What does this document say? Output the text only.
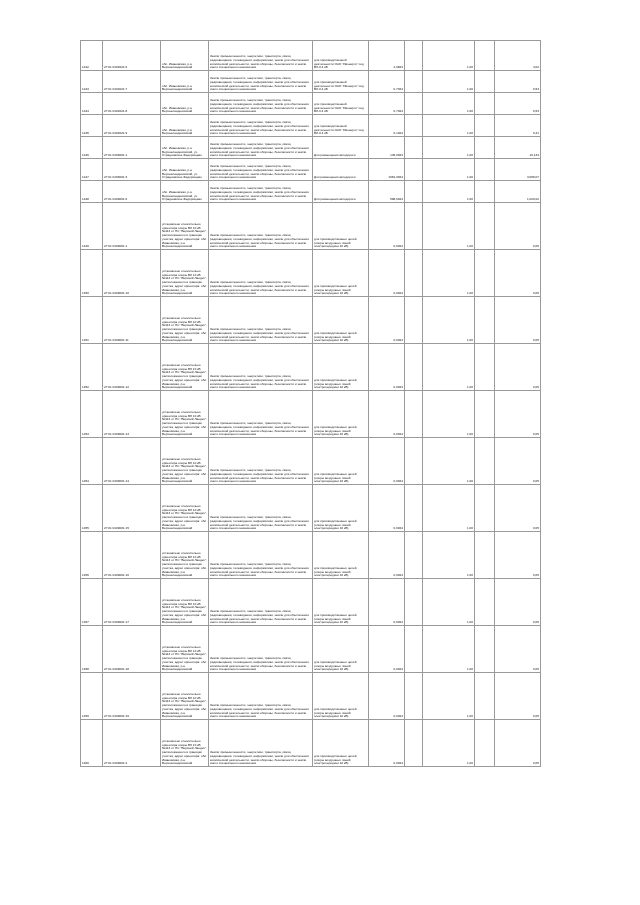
1442	27:01:0102021:6	обл. Ивановская, р-н Верхнеландеховский	Земли промышленности, энергетики, транспорта, связи, радиовещания, телевидения, информатики, земли для обеспечения космической деятельности, земли обороны, безопасности и земли иного специального назначения	для производственной деятельности ОАО "Ивэнерго" под ВЛ-0.4 кВ	2,0824		1,00		4,02
1443	27:01:0102021:7	обл. Ивановская, р-н Верхнеландеховский	Земли промышленности, энергетики, транспорта, связи, радиовещания, телевидения, информатики, земли для обеспечения космической деятельности, земли обороны, безопасности и земли иного специального назначения	для производственной деятельности ОАО "Ивэнерго" под ВЛ-0.4 кВ	0,7024		1,00		0,53
1444	27:01:0102021:8	обл. Ивановская, р-н Верхнеландеховский	Земли промышленности, энергетики, транспорта, связи, радиовещания, телевидения, информатики, земли для обеспечения космической деятельности, земли обороны, безопасности и земли иного специального назначения	для производственной деятельности ОАО "Ивэнерго" под ВЛ-0.4 кВ	0,7024		1,00		0,53
1445	27:01:0102021:9	обл. Ивановская, р-н Верхнеландеховский	Земли промышленности, энергетики, транспорта, связи, радиовещания, телевидения, информатики, земли для обеспечения космической деятельности, земли обороны, безопасности и земли иного специального назначения	для производственной деятельности ОАО "Ивэнерго" под ВЛ-0.4 кВ	0,1024		1,00		0,31
1446	27:01:0106001:1	обл. Ивановская, р-н Верхнеландеховский, уч. Отрадновское Федорищево	Земли промышленности, энергетики, транспорта, связи, радиовещания, телевидения, информатики, земли для обеспечения космической деятельности, земли обороны, безопасности и земли иного специального назначения	Для размещения автодороги	145,0024		1,00		10,134
1447	27:01:0106001:3	обл. Ивановская, р-н Верхнеландеховский, уч. Отрадновское Федорищево	Земли промышленности, энергетики, транспорта, связи, радиовещания, телевидения, информатики, земли для обеспечения космической деятельности, земли обороны, безопасности и земли иного специального назначения	Для размещения автодороги	1681,0024		1,00		3,058,07
1448	27:01:0106001:6	обл. Ивановская, р-н Верхнеландеховский, уч. Отрадновское Федорищево	Земли промышленности, энергетики, транспорта, связи, радиовещания, телевидения, информатики, земли для обеспечения космической деятельности, земли обороны, безопасности и земли иного специального назначения	Для размещения автодороги	598,0024		1,00		1,020,02
1449	27:01:0109001:1	установлено относительно ориентира опоры ВЛ 10 кВ №113 от ПС "Верхний Ландех", расположенного в границах участка, адрес ориентира: обл. Ивановская, р-н Верхнеландеховский	Земли промышленности, энергетики, транспорта, связи, радиовещания, телевидения, информатики, земли для обеспечения космической деятельности, земли обороны, безопасности и земли иного специального назначения	для производственных целей (опоры воздушных линий электропередачи 10 кВ)	0,0024		1,00		0,05
1450	27:01:0109001:10	установлено относительно ориентира опоры ВЛ 10 кВ №113 от ПС "Верхний Ландех", расположенного в границах участка, адрес ориентира: обл. Ивановская, р-н Верхнеландеховский	Земли промышленности, энергетики, транспорта, связи, радиовещания, телевидения, информатики, земли для обеспечения космической деятельности, земли обороны, безопасности и земли иного специального назначения	для производственных целей (опоры воздушных линий электропередачи 10 кВ)	0,0024		1,00		0,05
1451	27:01:0109001:11	установлено относительно ориентира опоры ВЛ 10 кВ №113 от ПС "Верхний Ландех", расположенного в границах участка, адрес ориентира: обл. Ивановская, р-н Верхнеландеховский	Земли промышленности, энергетики, транспорта, связи, радиовещания, телевидения, информатики, земли для обеспечения космической деятельности, земли обороны, безопасности и земли иного специального назначения	для производственных целей (опоры воздушных линий электропередачи 10 кВ)	0,0024		1,00		0,05
1452	27:01:0109001:12	установлено относительно ориентира опоры ВЛ 10 кВ №113 от ПС "Верхний Ландех", расположенного в границах участка, адрес ориентира: обл. Ивановская, р-н Верхнеландеховский	Земли промышленности, энергетики, транспорта, связи, радиовещания, телевидения, информатики, земли для обеспечения космической деятельности, земли обороны, безопасности и земли иного специального назначения	для производственных целей (опоры воздушных линий электропередачи 10 кВ)	0,0024		1,00		0,05
1453	27:01:0109001:13	установлено относительно ориентира опоры ВЛ 10 кВ №113 от ПС "Верхний Ландех", расположенного в границах участка, адрес ориентира: обл. Ивановская, р-н Верхнеландеховский	Земли промышленности, энергетики, транспорта, связи, радиовещания, телевидения, информатики, земли для обеспечения космической деятельности, земли обороны, безопасности и земли иного специального назначения	для производственных целей (опоры воздушных линий электропередачи 10 кВ)	0,0024		1,00		0,05
1454	27:01:0109001:14	установлено относительно ориентира опоры ВЛ 10 кВ №113 от ПС "Верхний Ландех", расположенного в границах участка, адрес ориентира: обл. Ивановская, р-н Верхнеландеховский	Земли промышленности, энергетики, транспорта, связи, радиовещания, телевидения, информатики, земли для обеспечения космической деятельности, земли обороны, безопасности и земли иного специального назначения	для производственных целей (опоры воздушных линий электропередачи 10 кВ)	0,0024		1,00		0,05
1455	27:01:0109001:15	установлено относительно ориентира опоры ВЛ 10 кВ №113 от ПС "Верхний Ландех", расположенного в границах участка, адрес ориентира: обл. Ивановская, р-н Верхнеландеховский	Земли промышленности, энергетики, транспорта, связи, радиовещания, телевидения, информатики, земли для обеспечения космической деятельности, земли обороны, безопасности и земли иного специального назначения	для производственных целей (опоры воздушных линий электропередачи 10 кВ)	0,0024		1,00		0,05
1456	27:01:0109001:16	установлено относительно ориентира опоры ВЛ 10 кВ №113 от ПС "Верхний Ландех", расположенного в границах участка, адрес ориентира: обл. Ивановская, р-н Верхнеландеховский	Земли промышленности, энергетики, транспорта, связи, радиовещания, телевидения, информатики, земли для обеспечения космической деятельности, земли обороны, безопасности и земли иного специального назначения	для производственных целей (опоры воздушных линий электропередачи 10 кВ)	0,0024		1,00		0,05
1457	27:01:0109001:17	установлено относительно ориентира опоры ВЛ 10 кВ №113 от ПС "Верхний Ландех", расположенного в границах участка, адрес ориентира: обл. Ивановская, р-н Верхнеландеховский	Земли промышленности, энергетики, транспорта, связи, радиовещания, телевидения, информатики, земли для обеспечения космической деятельности, земли обороны, безопасности и земли иного специального назначения	для производственных целей (опоры воздушных линий электропередачи 10 кВ)	0,0024		1,00		0,05
1458	27:01:0109001:18	установлено относительно ориентира опоры ВЛ 10 кВ №113 от ПС "Верхний Ландех", расположенного в границах участка, адрес ориентира: обл. Ивановская, р-н Верхнеландеховский	Земли промышленности, энергетики, транспорта, связи, радиовещания, телевидения, информатики, земли для обеспечения космической деятельности, земли обороны, безопасности и земли иного специального назначения	для производственных целей (опоры воздушных линий электропередачи 10 кВ)	0,0024		1,00		0,05
1459	27:01:0109001:19	установлено относительно ориентира опоры ВЛ 10 кВ №113 от ПС "Верхний Ландех", расположенного в границах участка, адрес ориентира: обл. Ивановская, р-н Верхнеландеховский	Земли промышленности, энергетики, транспорта, связи, радиовещания, телевидения, информатики, земли для обеспечения космической деятельности, земли обороны, безопасности и земли иного специального назначения	для производственных целей (опоры воздушных линий электропередачи 10 кВ)	0,0024		1,00		0,05
1460	27:01:0109001:2	установлено относительно ориентира опоры ВЛ 10 кВ №113 от ПС "Верхний Ландех", расположенного в границах участка, адрес ориентира: обл. Ивановская, р-н Верхнеландеховский	Земли промышленности, энергетики, транспорта, связи, радиовещания, телевидения, информатики, земли для обеспечения космической деятельности, земли обороны, безопасности и земли иного специального назначения	для производственных целей (опоры воздушных линий электропередачи 10 кВ)	0,0024		1,00		0,05
